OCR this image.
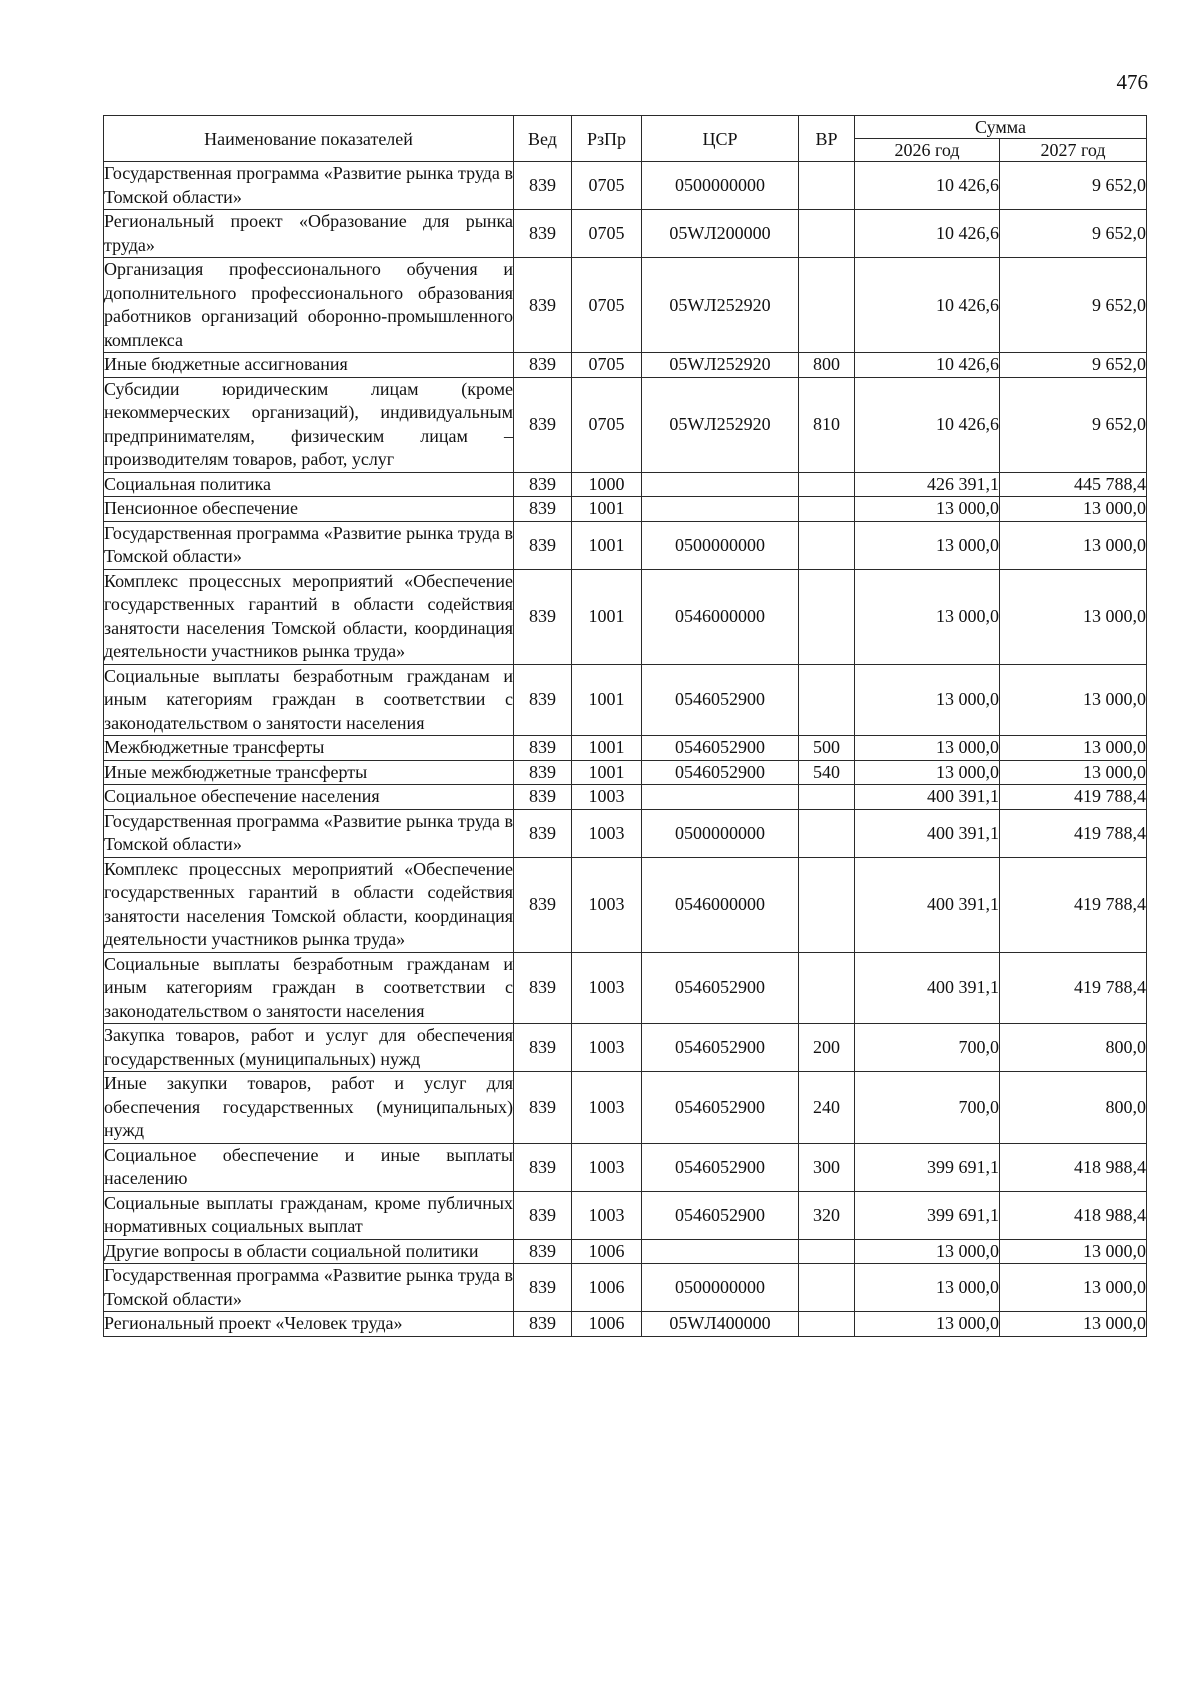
476
Наименование показателей	Вед	РзПр	ЦСР	ВР	Сумма	
					2026 год	2027 год
Государственная программа «Развитие рынка труда в Томской области»	839	0705	0500000000		10 426,6	9 652,0
Региональный проект «Образование для рынка труда»	839	0705	05WЛ200000		10 426,6	9 652,0
Организация профессионального обучения и дополнительного профессионального образования работников организаций оборонно-промышленного комплекса	839	0705	05WЛ252920		10 426,6	9 652,0
Иные бюджетные ассигнования	839	0705	05WЛ252920	800	10 426,6	9 652,0
Субсидии юридическим лицам (кроме некоммерческих организаций), индивидуальным предпринимателям, физическим лицам – производителям товаров, работ, услуг	839	0705	05WЛ252920	810	10 426,6	9 652,0
Социальная политика	839	1000			426 391,1	445 788,4
Пенсионное обеспечение	839	1001			13 000,0	13 000,0
Государственная программа «Развитие рынка труда в Томской области»	839	1001	0500000000		13 000,0	13 000,0
Комплекс процессных мероприятий «Обеспечение государственных гарантий в области содействия занятости населения Томской области, координация деятельности участников рынка труда»	839	1001	0546000000		13 000,0	13 000,0
Социальные выплаты безработным гражданам и иным категориям граждан в соответствии с законодательством о занятости населения	839	1001	0546052900		13 000,0	13 000,0
Межбюджетные трансферты	839	1001	0546052900	500	13 000,0	13 000,0
Иные межбюджетные трансферты	839	1001	0546052900	540	13 000,0	13 000,0
Социальное обеспечение населения	839	1003			400 391,1	419 788,4
Государственная программа «Развитие рынка труда в Томской области»	839	1003	0500000000		400 391,1	419 788,4
Комплекс процессных мероприятий «Обеспечение государственных гарантий в области содействия занятости населения Томской области, координация деятельности участников рынка труда»	839	1003	0546000000		400 391,1	419 788,4
Социальные выплаты безработным гражданам и иным категориям граждан в соответствии с законодательством о занятости населения	839	1003	0546052900		400 391,1	419 788,4
Закупка товаров, работ и услуг для обеспечения государственных (муниципальных) нужд	839	1003	0546052900	200	700,0	800,0
Иные закупки товаров, работ и услуг для обеспечения государственных (муниципальных) нужд	839	1003	0546052900	240	700,0	800,0
Социальное обеспечение и иные выплаты населению	839	1003	0546052900	300	399 691,1	418 988,4
Социальные выплаты гражданам, кроме публичных нормативных социальных выплат	839	1003	0546052900	320	399 691,1	418 988,4
Другие вопросы в области социальной политики	839	1006			13 000,0	13 000,0
Государственная программа «Развитие рынка труда в Томской области»	839	1006	0500000000		13 000,0	13 000,0
Региональный проект «Человек труда»	839	1006	05WЛ400000		13 000,0	13 000,0
